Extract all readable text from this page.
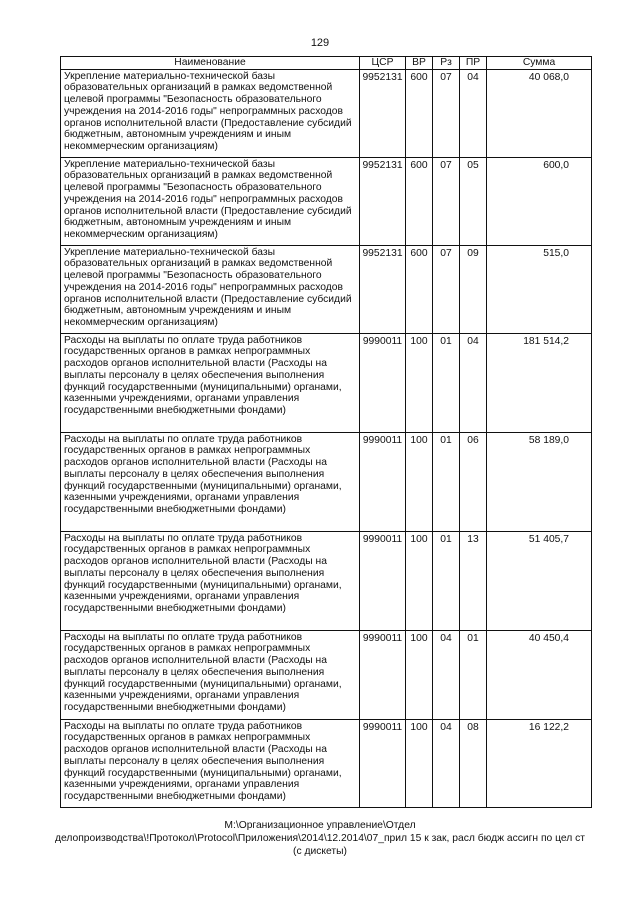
129
Наименование	ЦСР	ВР	Рз	ПР	Сумма
Укрепление материально-технической базы образовательных организаций в рамках ведомственной целевой программы "Безопасность образовательного учреждения на 2014-2016 годы" непрограммных расходов органов исполнительной власти (Предоставление субсидий бюджетным, автономным учреждениям и иным некоммерческим организациям)	9952131	600	07	04	40 068,0
Укрепление материально-технической базы образовательных организаций в рамках ведомственной целевой программы "Безопасность образовательного учреждения на 2014-2016 годы" непрограммных расходов органов исполнительной власти (Предоставление субсидий бюджетным, автономным учреждениям и иным некоммерческим организациям)	9952131	600	07	05	600,0
Укрепление материально-технической базы образовательных организаций в рамках ведомственной целевой программы "Безопасность образовательного учреждения на 2014-2016 годы" непрограммных расходов органов исполнительной власти (Предоставление субсидий бюджетным, автономным учреждениям и иным некоммерческим организациям)	9952131	600	07	09	515,0
Расходы на выплаты по оплате труда работников государственных органов в рамках непрограммных расходов органов исполнительной власти (Расходы на выплаты персоналу в целях обеспечения выполнения функций государственными (муниципальными) органами, казенными учреждениями, органами управления государственными внебюджетными фондами)	9990011	100	01	04	181 514,2
Расходы на выплаты по оплате труда работников государственных органов в рамках непрограммных расходов органов исполнительной власти (Расходы на выплаты персоналу в целях обеспечения выполнения функций государственными (муниципальными) органами, казенными учреждениями, органами управления государственными внебюджетными фондами)	9990011	100	01	06	58 189,0
Расходы на выплаты по оплате труда работников государственных органов в рамках непрограммных расходов органов исполнительной власти (Расходы на выплаты персоналу в целях обеспечения выполнения функций государственными (муниципальными) органами, казенными учреждениями, органами управления государственными внебюджетными фондами)	9990011	100	01	13	51 405,7
Расходы на выплаты по оплате труда работников государственных органов в рамках непрограммных расходов органов исполнительной власти (Расходы на выплаты персоналу в целях обеспечения выполнения функций государственными (муниципальными) органами, казенными учреждениями, органами управления государственными внебюджетными фондами)	9990011	100	04	01	40 450,4
Расходы на выплаты по оплате труда работников государственных органов в рамках непрограммных расходов органов исполнительной власти (Расходы на выплаты персоналу в целях обеспечения выполнения функций государственными (муниципальными) органами, казенными учреждениями, органами управления государственными внебюджетными фондами)	9990011	100	04	08	16 122,2
М:\Организационное управление\Отдел
делопроизводства\!Протокол\Protocol\Приложения\2014\12.2014\07_прил 15 к зак, расл бюдж ассигн по цел ст
(с дискеты)
